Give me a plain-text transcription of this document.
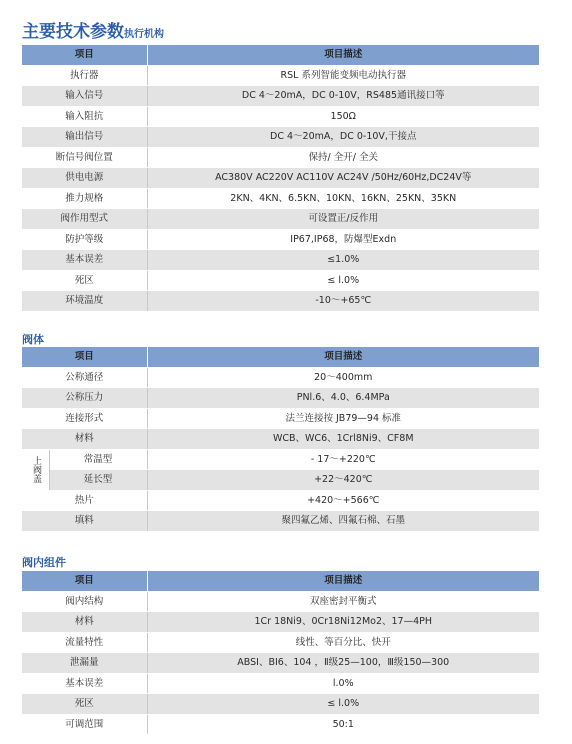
主要技术参数执行机构
项目	项目描述
执行器	RSL 系列智能变频电动执行器
输入信号	DC 4～20mA，DC 0-10V，RS485通讯接口等
输入阻抗	150Ω
输出信号	DC 4～20mA，DC 0-10V,干接点
断信号阀位置	保持/ 全开/ 全关
供电电源	AC380V AC220V AC110V AC24V /50Hz/60Hz,DC24V等
推力规格	2KN、4KN、6.5KN、10KN、16KN、25KN、35KN
阀作用型式	可设置正/反作用
防护等级	IP67,IP68，防爆型Exdn
基本误差	≤1.0%
死区	≤ l.0%
环境温度	-10～+65℃
阀体
项目		项目描述
公称通径		20～400mm
公称压力		PNl.6、4.0、6.4MPa
连接形式		法兰连接按 JB79—94 标准
材料		WCB、WC6、1Crl8Ni9、CF8M
上阀盖	常温型	- 17～+220℃
	延长型	+22～420℃
热片		+420～+566℃
填料		聚四氟乙烯、四氟石棉、石墨
阀内组件
项目	项目描述
阀内结构	双座密封平衡式
材料	1Cr 18Ni9、0Cr18Ni12Mo2、17—4PH
流量特性	线性、等百分比、快开
泄漏量	ABSI、BI6、104 ，Ⅱ级25—100，Ⅲ级150—300
基本误差	l.0%
死区	≤ l.0%
可调范围	50:1
